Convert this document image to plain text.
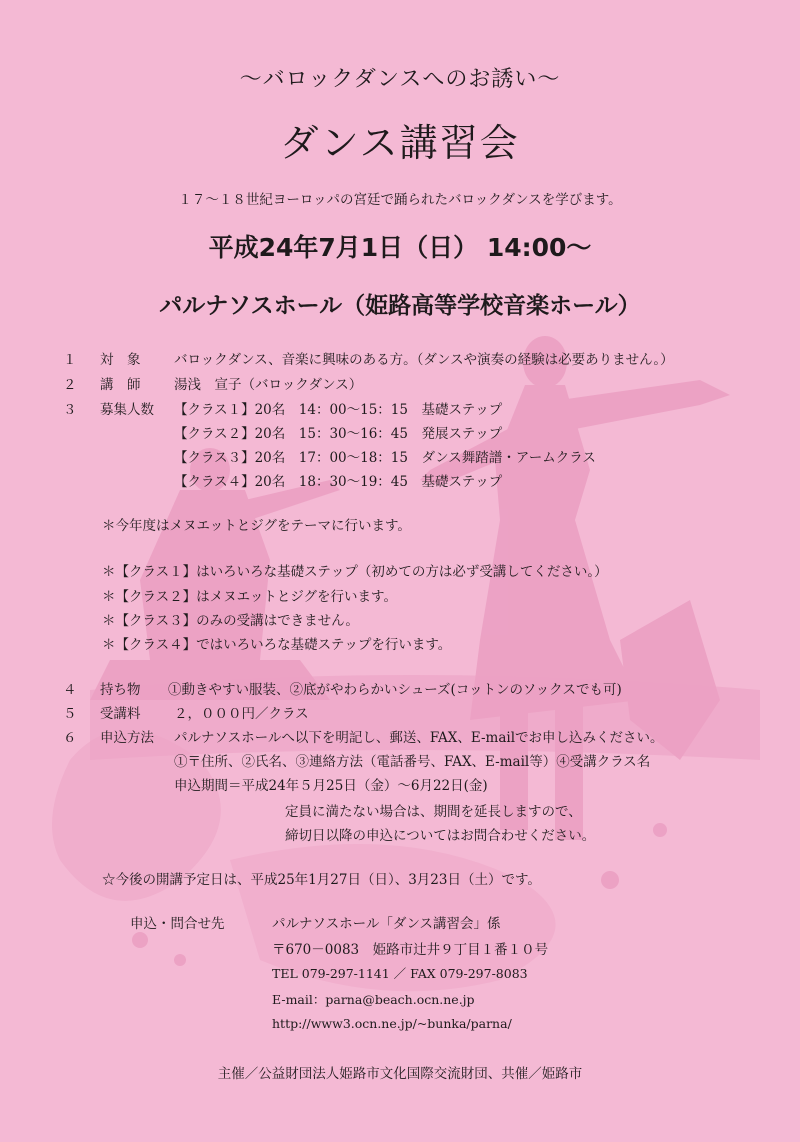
～バロックダンスへのお誘い～
ダンス講習会
１７～１８世紀ヨーロッパの宮廷で踊られたバロックダンスを学びます。
平成24年7月1日（日） 14:00～
パルナソスホール（姫路高等学校音楽ホール）
１ 対　象 バロックダンス、音楽に興味のある方。（ダンスや演奏の経験は必要ありません。）
２ 講　師 湯浅　宣子（バロックダンス）
３ 募集人数 【クラス１】20名　14：00～15：15　基礎ステップ
【クラス２】20名　15：30～16：45　発展ステップ
【クラス３】20名　17：00～18：15　ダンス舞踏譜・アームクラス
【クラス４】20名　18：30～19：45　基礎ステップ
＊今年度はメヌエットとジグをテーマに行います。
＊【クラス１】はいろいろな基礎ステップ（初めての方は必ず受講してください。）
＊【クラス２】はメヌエットとジグを行います。
＊【クラス３】のみの受講はできません。
＊【クラス４】ではいろいろな基礎ステップを行います。
４ 持ち物 ①動きやすい服装、②底がやわらかいシューズ(コットンのソックスでも可)
５ 受講料 ２，０００円／クラス
６ 申込方法 パルナソスホールへ以下を明記し、郵送、FAX、E-mailでお申し込みください。
①〒住所、②氏名、③連絡方法（電話番号、FAX、E-mail等）④受講クラス名
申込期間＝平成24年５月25日（金）～6月22日(金)
定員に満たない場合は、期間を延長しますので、
締切日以降の申込についてはお問合わせください。
☆今後の開講予定日は、平成25年1月27日（日）、3月23日（土）です。
申込・問合せ先	パルナソスホール「ダンス講習会」係
〒670－0083　姫路市辻井９丁目１番１０号
TEL 079-297-1141 ／ FAX 079-297-8083
E-mail：parna@beach.ocn.ne.jp
http://www3.ocn.ne.jp/~bunka/parna/
主催／公益財団法人姫路市文化国際交流財団、共催／姫路市
